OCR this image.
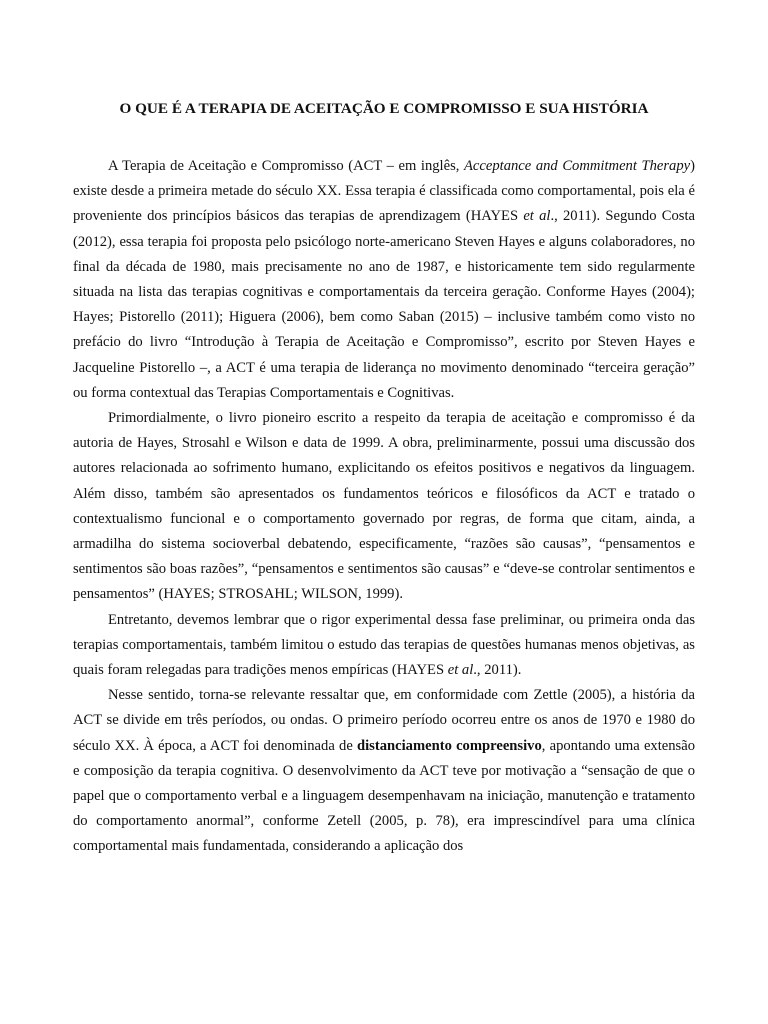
O QUE É A TERAPIA DE ACEITAÇÃO E COMPROMISSO E SUA HISTÓRIA

A Terapia de Aceitação e Compromisso (ACT – em inglês, Acceptance and Commitment Therapy) existe desde a primeira metade do século XX. Essa terapia é classificada como comportamental, pois ela é proveniente dos princípios básicos das terapias de aprendizagem (HAYES et al., 2011). Segundo Costa (2012), essa terapia foi proposta pelo psicólogo norte-americano Steven Hayes e alguns colaboradores, no final da década de 1980, mais precisamente no ano de 1987, e historicamente tem sido regularmente situada na lista das terapias cognitivas e comportamentais da terceira geração. Conforme Hayes (2004); Hayes; Pistorello (2011); Higuera (2006), bem como Saban (2015) – inclusive também como visto no prefácio do livro “Introdução à Terapia de Aceitação e Compromisso”, escrito por Steven Hayes e Jacqueline Pistorello –, a ACT é uma terapia de liderança no movimento denominado “terceira geração” ou forma contextual das Terapias Comportamentais e Cognitivas.

Primordialmente, o livro pioneiro escrito a respeito da terapia de aceitação e compromisso é da autoria de Hayes, Strosahl e Wilson e data de 1999. A obra, preliminarmente, possui uma discussão dos autores relacionada ao sofrimento humano, explicitando os efeitos positivos e negativos da linguagem. Além disso, também são apresentados os fundamentos teóricos e filosóficos da ACT e tratado o contextualismo funcional e o comportamento governado por regras, de forma que citam, ainda, a armadilha do sistema socioverbal debatendo, especificamente, “razões são causas”, “pensamentos e sentimentos são boas razões”, “pensamentos e sentimentos são causas” e “deve-se controlar sentimentos e pensamentos” (HAYES; STROSAHL; WILSON, 1999).

Entretanto, devemos lembrar que o rigor experimental dessa fase preliminar, ou primeira onda das terapias comportamentais, também limitou o estudo das terapias de questões humanas menos objetivas, as quais foram relegadas para tradições menos empíricas (HAYES et al., 2011).

Nesse sentido, torna-se relevante ressaltar que, em conformidade com Zettle (2005), a história da ACT se divide em três períodos, ou ondas. O primeiro período ocorreu entre os anos de 1970 e 1980 do século XX. À época, a ACT foi denominada de distanciamento compreensivo, apontando uma extensão e composição da terapia cognitiva. O desenvolvimento da ACT teve por motivação a “sensação de que o papel que o comportamento verbal e a linguagem desempenhavam na iniciação, manutenção e tratamento do comportamento anormal”, conforme Zetell (2005, p. 78), era imprescindível para uma clínica comportamental mais fundamentada, considerando a aplicação dos
